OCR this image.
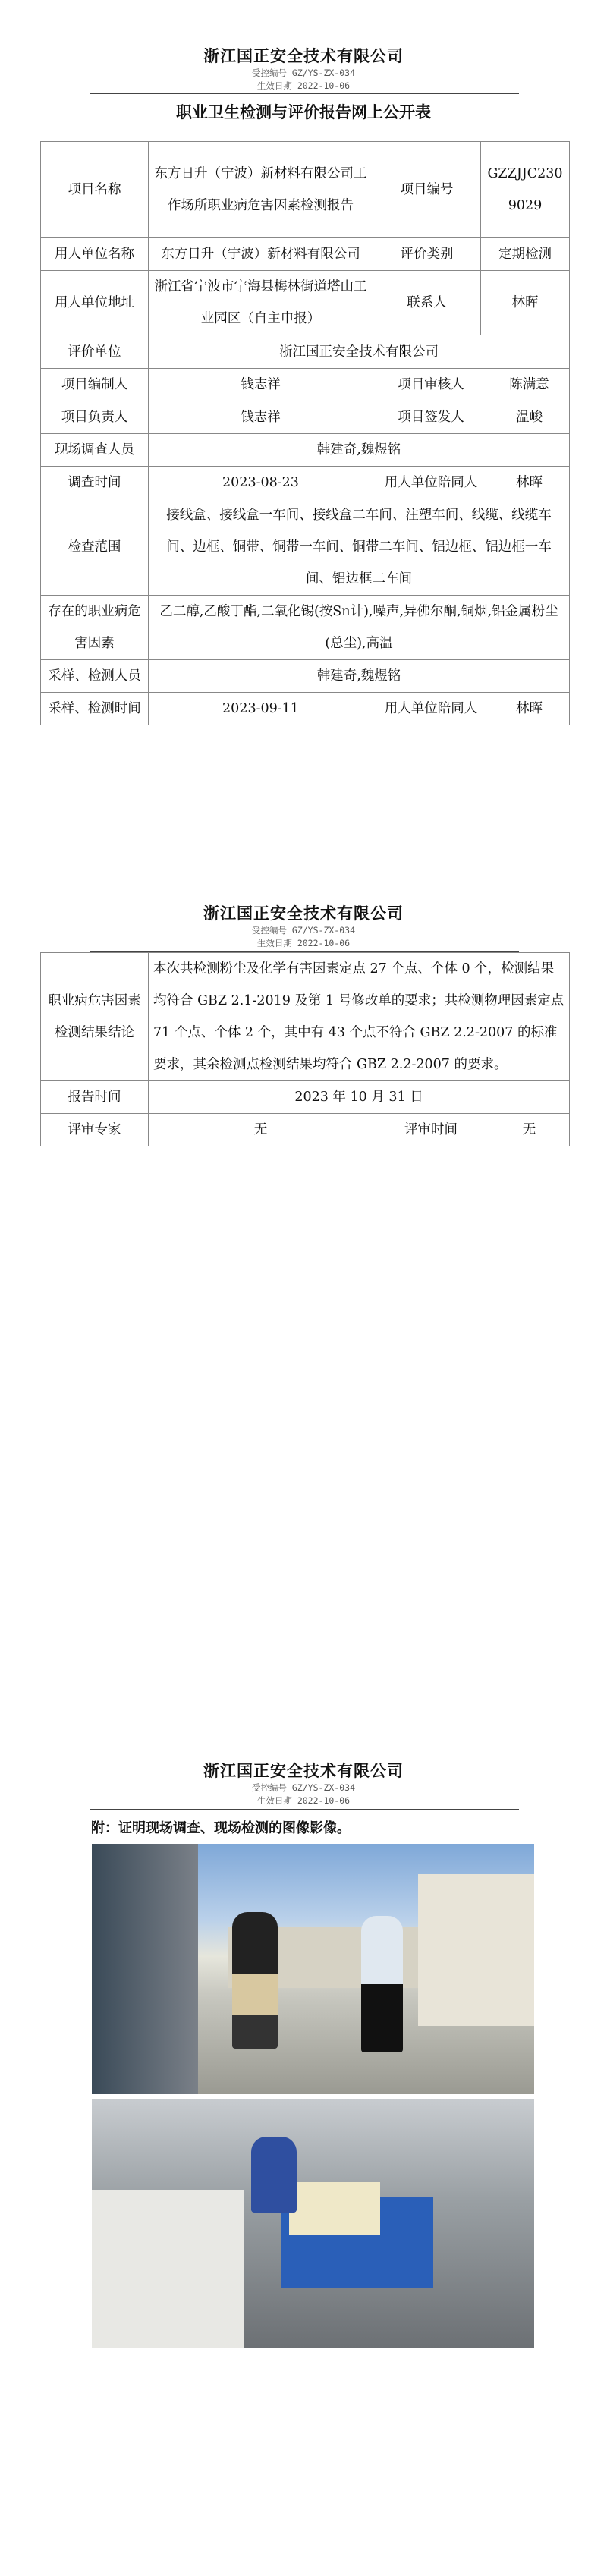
浙江国正安全技术有限公司
受控编号 GZ/YS-ZX-034
生效日期 2022-10-06
职业卫生检测与评价报告网上公开表
项目名称	东方日升（宁波）新材料有限公司工作场所职业病危害因素检测报告	项目编号	GZZJJC2309029	
用人单位名称	东方日升（宁波）新材料有限公司	评价类别	定期检测	
用人单位地址	浙江省宁波市宁海县梅林街道塔山工业园区（自主申报）	联系人	林晖	
评价单位	浙江国正安全技术有限公司			
项目编制人	钱志祥	项目审核人		陈满意
项目负责人	钱志祥	项目签发人		温峻
现场调查人员	韩建奇,魏煜铭			
调查时间	2023-08-23	用人单位陪同人		林晖
检查范围	接线盒、接线盒一车间、接线盒二车间、注塑车间、线缆、线缆车间、边框、铜带、铜带一车间、铜带二车间、铝边框、铝边框一车间、铝边框二车间			
存在的职业病危害因素	乙二醇,乙酸丁酯,二氧化锡(按Sn计),噪声,异佛尔酮,铜烟,铝金属粉尘(总尘),高温			
采样、检测人员	韩建奇,魏煜铭			
采样、检测时间	2023-09-11	用人单位陪同人		林晖
浙江国正安全技术有限公司
受控编号 GZ/YS-ZX-034
生效日期 2022-10-06
职业病危害因素检测结果结论	本次共检测粉尘及化学有害因素定点 27 个点、个体 0 个，检测结果均符合 GBZ 2.1-2019 及第 1 号修改单的要求；共检测物理因素定点 71 个点、个体 2 个，其中有 43 个点不符合 GBZ 2.2-2007 的标准要求，其余检测点检测结果均符合 GBZ 2.2-2007 的要求。		
报告时间	2023 年 10 月 31 日		
评审专家	无	评审时间	无
浙江国正安全技术有限公司
受控编号 GZ/YS-ZX-034
生效日期 2022-10-06
附：证明现场调查、现场检测的图像影像。
